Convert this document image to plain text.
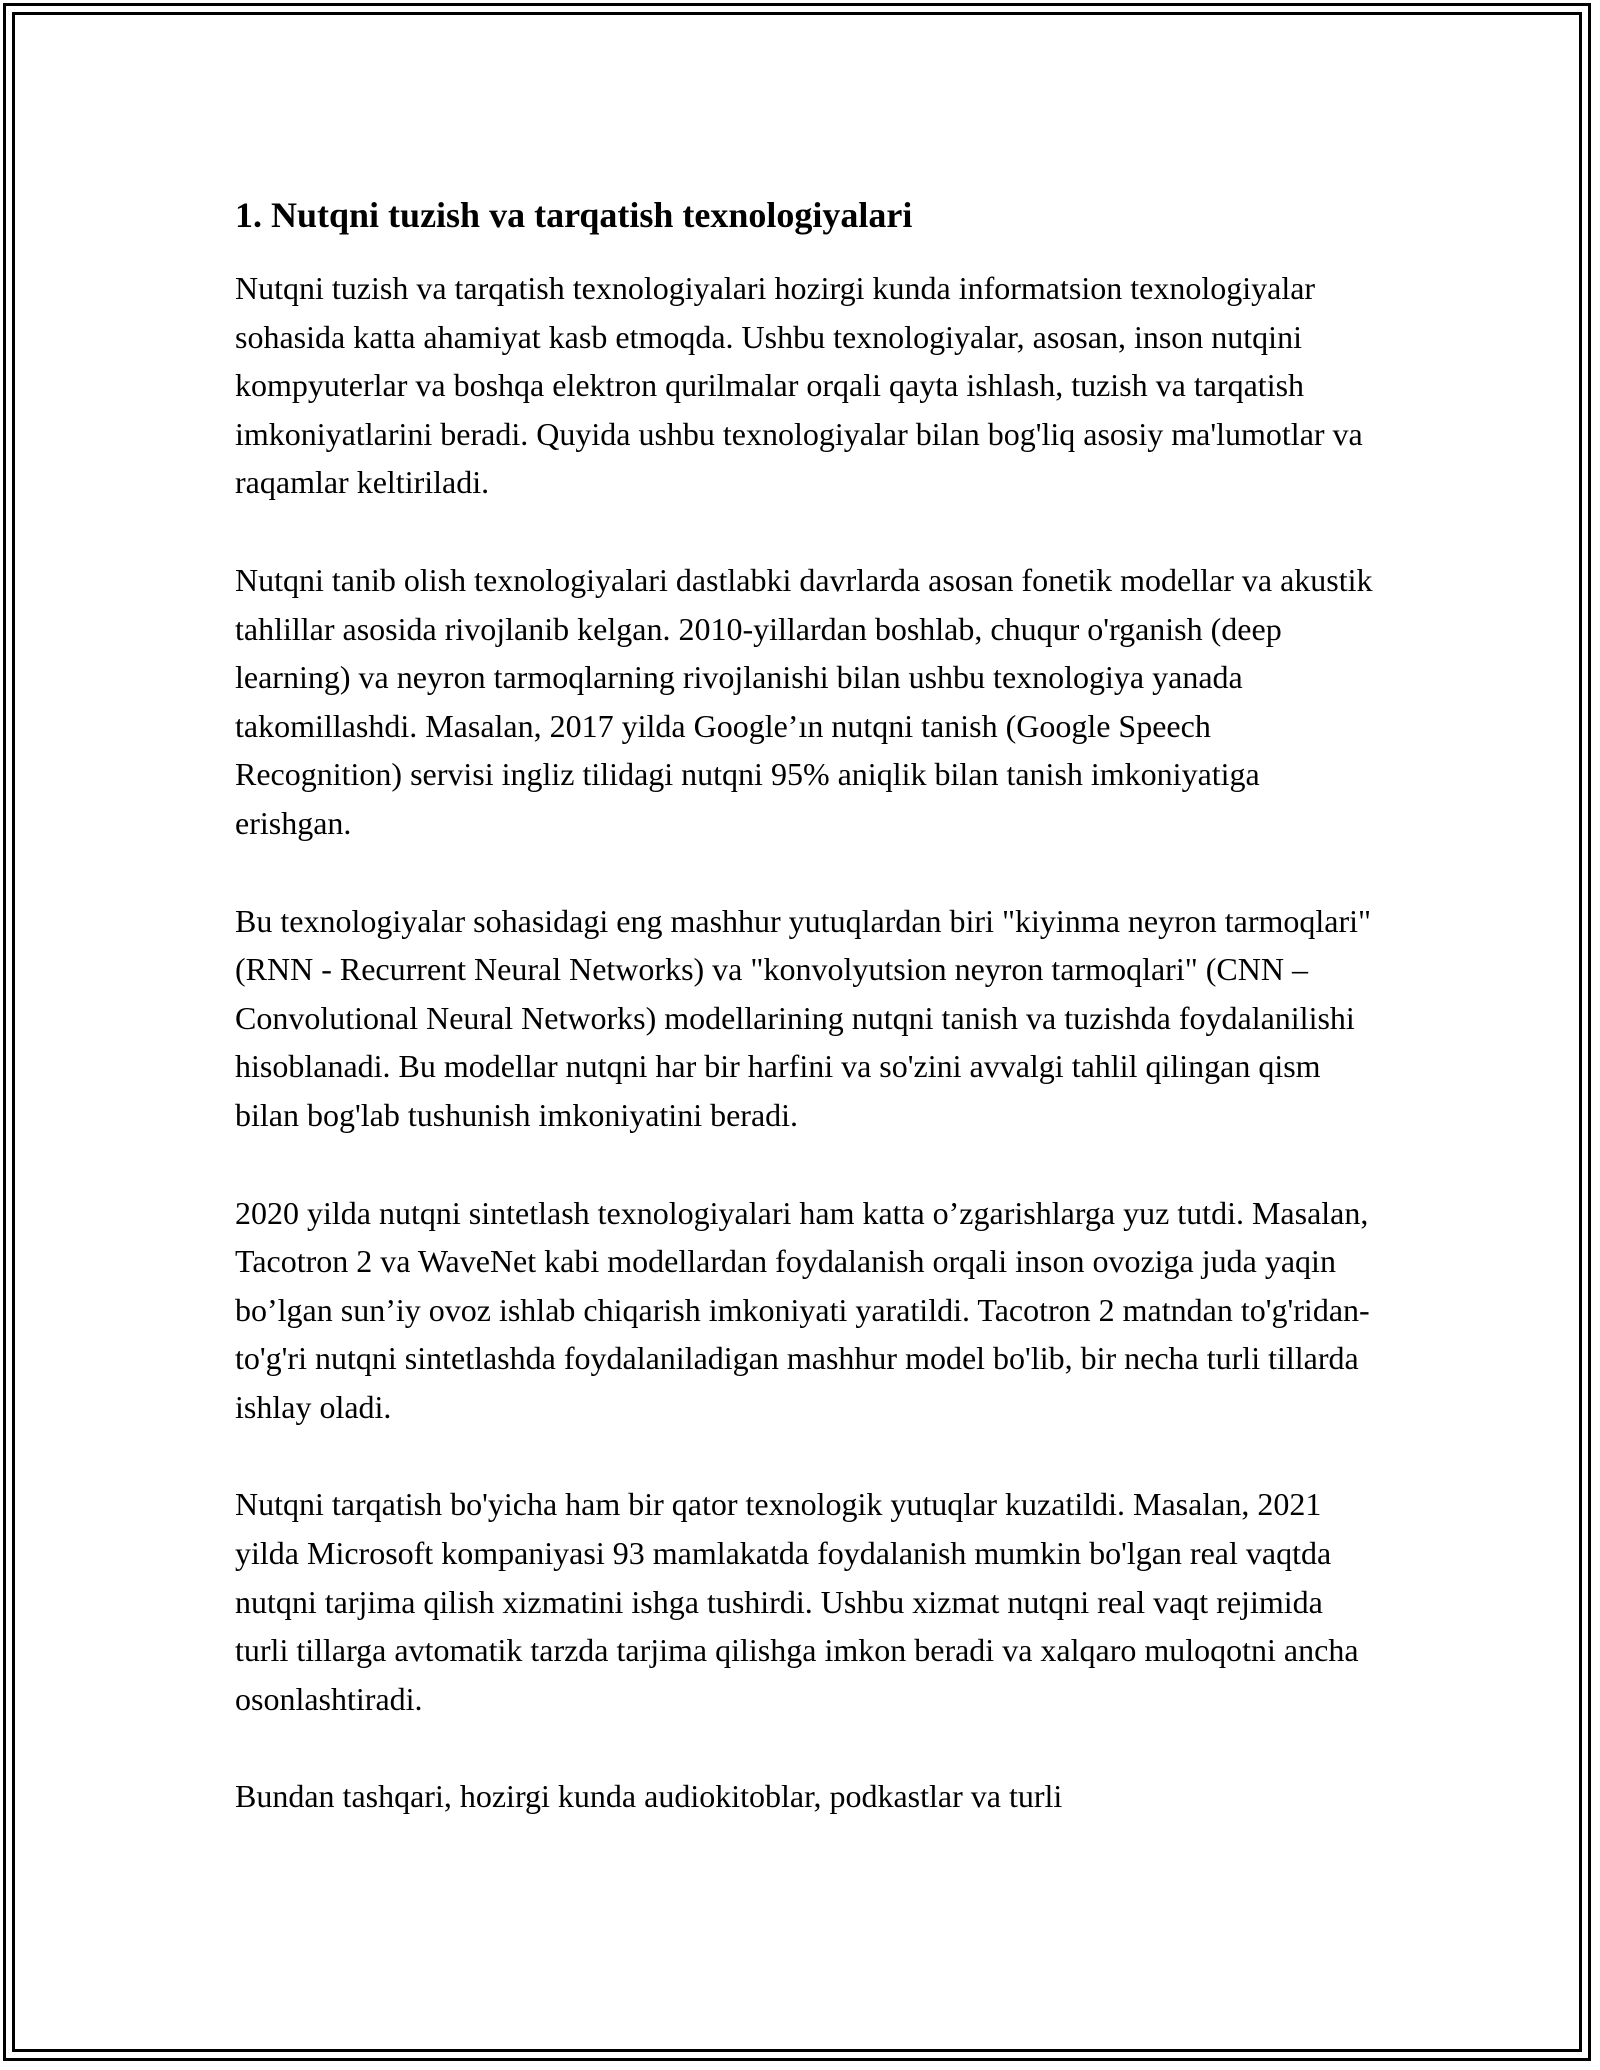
1. Nutqni tuzish va tarqatish texnologiyalari

Nutqni tuzish va tarqatish texnologiyalari hozirgi kunda informatsion texnologiyalar sohasida katta ahamiyat kasb etmoqda. Ushbu texnologiyalar, asosan, inson nutqini kompyuterlar va boshqa elektron qurilmalar orqali qayta ishlash, tuzish va tarqatish imkoniyatlarini beradi. Quyida ushbu texnologiyalar bilan bog'liq asosiy ma'lumotlar va raqamlar keltiriladi.

Nutqni tanib olish texnologiyalari dastlabki davrlarda asosan fonetik modellar va akustik tahlillar asosida rivojlanib kelgan. 2010-yillardan boshlab, chuqur o'rganish (deep learning) va neyron tarmoqlarning rivojlanishi bilan ushbu texnologiya yanada takomillashdi. Masalan, 2017 yilda Google’ın nutqni tanish (Google Speech Recognition) servisi ingliz tilidagi nutqni 95% aniqlik bilan tanish imkoniyatiga erishgan.

Bu texnologiyalar sohasidagi eng mashhur yutuqlardan biri "kiyinma neyron tarmoqlari" (RNN - Recurrent Neural Networks) va "konvolyutsion neyron tarmoqlari" (CNN – Convolutional Neural Networks) modellarining nutqni tanish va tuzishda foydalanilishi hisoblanadi. Bu modellar nutqni har bir harfini va so'zini avvalgi tahlil qilingan qism bilan bog'lab tushunish imkoniyatini beradi.

2020 yilda nutqni sintetlash texnologiyalari ham katta o’zgarishlarga yuz tutdi. Masalan, Tacotron 2 va WaveNet kabi modellardan foydalanish orqali inson ovoziga juda yaqin bo’lgan sun’iy ovoz ishlab chiqarish imkoniyati yaratildi. Tacotron 2 matndan to'g'ridan-to'g'ri nutqni sintetlashda foydalaniladigan mashhur model bo'lib, bir necha turli tillarda ishlay oladi.

Nutqni tarqatish bo'yicha ham bir qator texnologik yutuqlar kuzatildi. Masalan, 2021 yilda Microsoft kompaniyasi 93 mamlakatda foydalanish mumkin bo'lgan real vaqtda nutqni tarjima qilish xizmatini ishga tushirdi. Ushbu xizmat nutqni real vaqt rejimida turli tillarga avtomatik tarzda tarjima qilishga imkon beradi va xalqaro muloqotni ancha osonlashtiradi.

Bundan tashqari, hozirgi kunda audiokitoblar, podkastlar va turli
